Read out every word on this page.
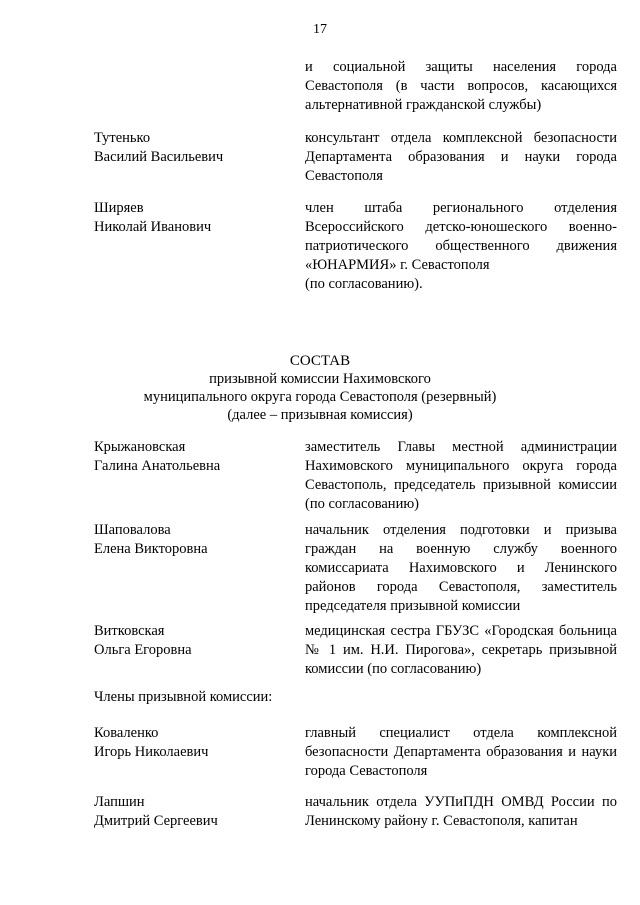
17

и социальной защиты населения города Севастополя (в части вопросов, касающихся альтернативной гражданской службы)

Тутенько
Василий Васильевич

консультант отдела комплексной безопасности Департамента образования и науки города Севастополя

Ширяев
Николай Иванович

член штаба регионального отделения Всероссийского детско-юношеского военно-патриотического общественного движения «ЮНАРМИЯ» г. Севастополя

(по согласованию).

СОСТАВ
призывной комиссии Нахимовского
муниципального округа города Севастополя (резервный)
(далее – призывная комиссия)
Крыжановская
Галина Анатольевна

заместитель Главы местной администрации Нахимовского муниципального округа города Севастополь, председатель призывной комиссии (по согласованию)

Шаповалова
Елена Викторовна

начальник отделения подготовки и призыва граждан на военную службу военного комиссариата Нахимовского и Ленинского районов города Севастополя, заместитель председателя призывной комиссии

Витковская
Ольга Егоровна

медицинская сестра ГБУЗС «Городская больница № 1 им. Н.И. Пирогова», секретарь призывной комиссии (по согласованию)

Члены призывной комиссии:
Коваленко
Игорь Николаевич

главный специалист отдела комплексной безопасности Департамента образования и науки города Севастополя

Лапшин
Дмитрий Сергеевич

начальник отдела УУПиПДН ОМВД России по Ленинскому району г. Севастополя, капитан
